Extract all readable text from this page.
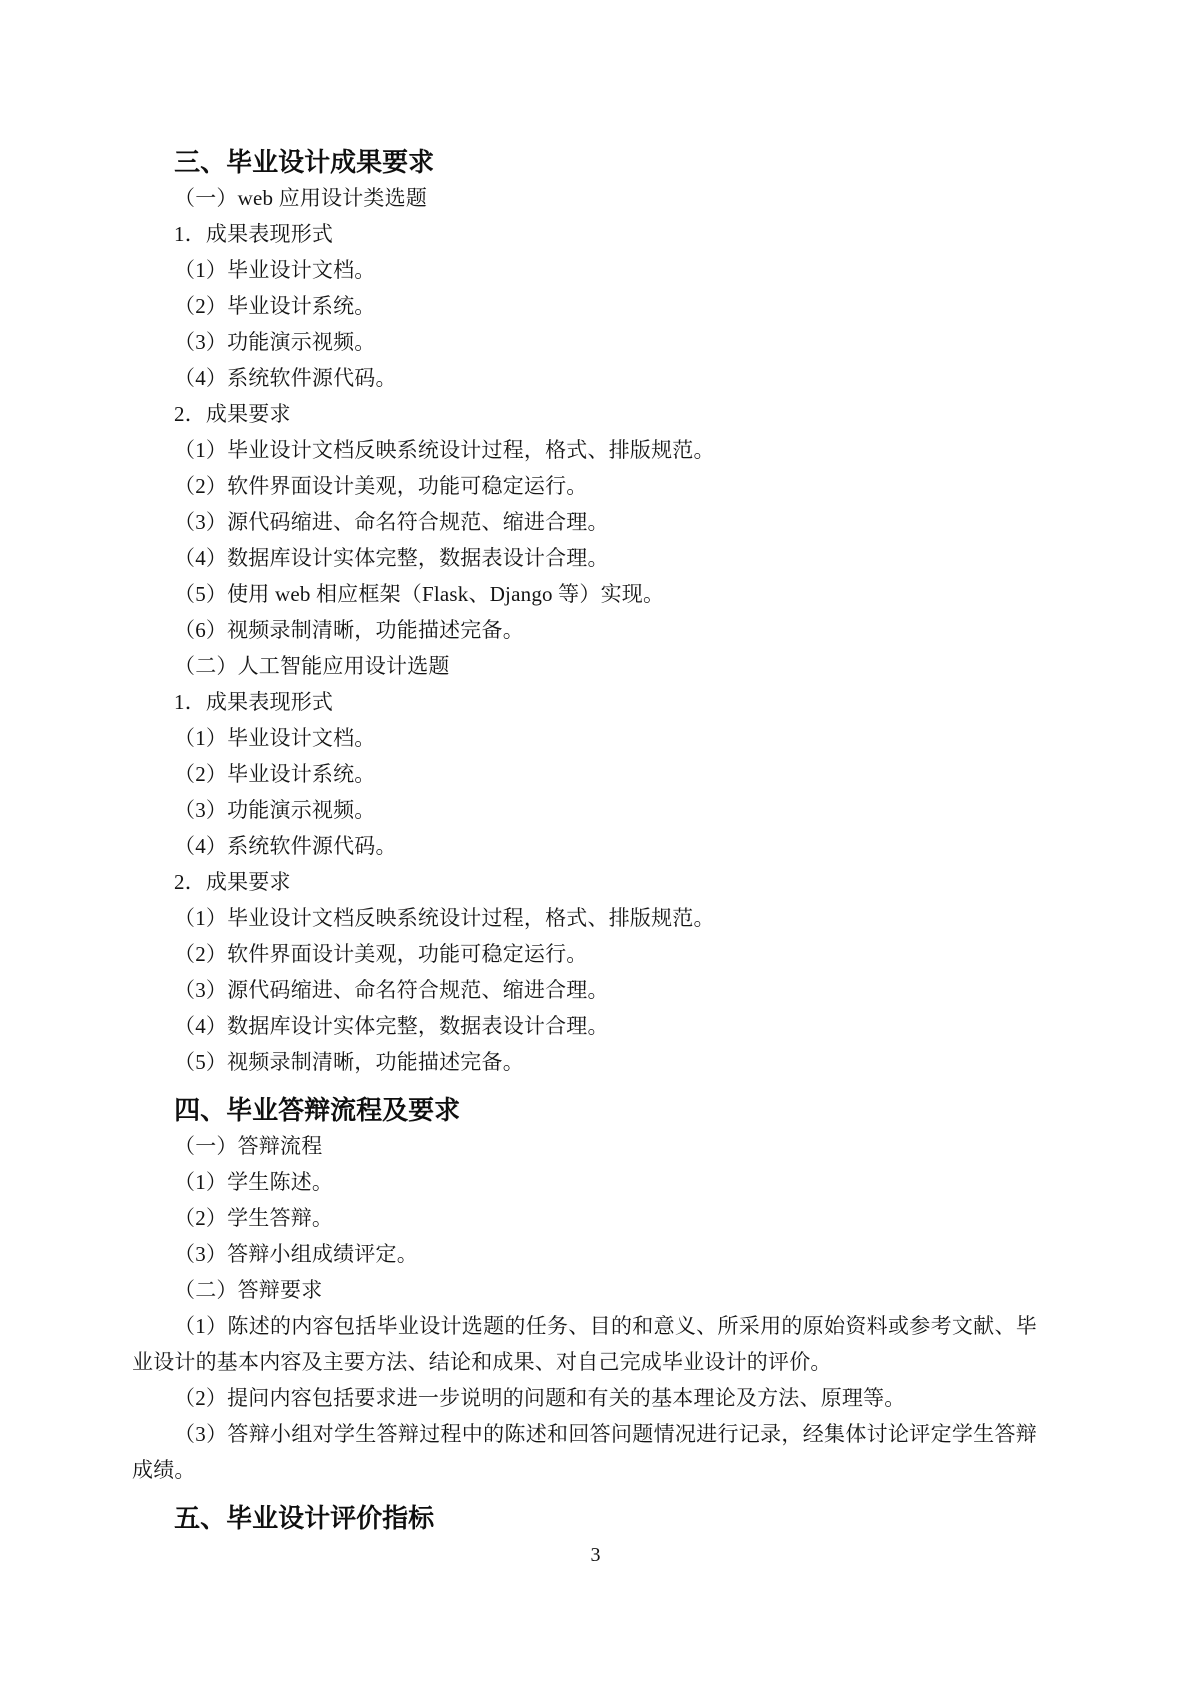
三、毕业设计成果要求

（一）web 应用设计类选题

1．成果表现形式

（1）毕业设计文档。

（2）毕业设计系统。

（3）功能演示视频。

（4）系统软件源代码。

2．成果要求

（1）毕业设计文档反映系统设计过程，格式、排版规范。

（2）软件界面设计美观，功能可稳定运行。

（3）源代码缩进、命名符合规范、缩进合理。

（4）数据库设计实体完整，数据表设计合理。

（5）使用 web 相应框架（Flask、Django 等）实现。

（6）视频录制清晰，功能描述完备。

（二）人工智能应用设计选题

1．成果表现形式

（1）毕业设计文档。

（2）毕业设计系统。

（3）功能演示视频。

（4）系统软件源代码。

2．成果要求

（1）毕业设计文档反映系统设计过程，格式、排版规范。

（2）软件界面设计美观，功能可稳定运行。

（3）源代码缩进、命名符合规范、缩进合理。

（4）数据库设计实体完整，数据表设计合理。

（5）视频录制清晰，功能描述完备。

四、毕业答辩流程及要求

（一）答辩流程

（1）学生陈述。

（2）学生答辩。

（3）答辩小组成绩评定。

（二）答辩要求

（1）陈述的内容包括毕业设计选题的任务、目的和意义、所采用的原始资料或参考文献、毕业设计的基本内容及主要方法、结论和成果、对自己完成毕业设计的评价。

（2）提问内容包括要求进一步说明的问题和有关的基本理论及方法、原理等。

（3）答辩小组对学生答辩过程中的陈述和回答问题情况进行记录，经集体讨论评定学生答辩成绩。

五、毕业设计评价指标
3
